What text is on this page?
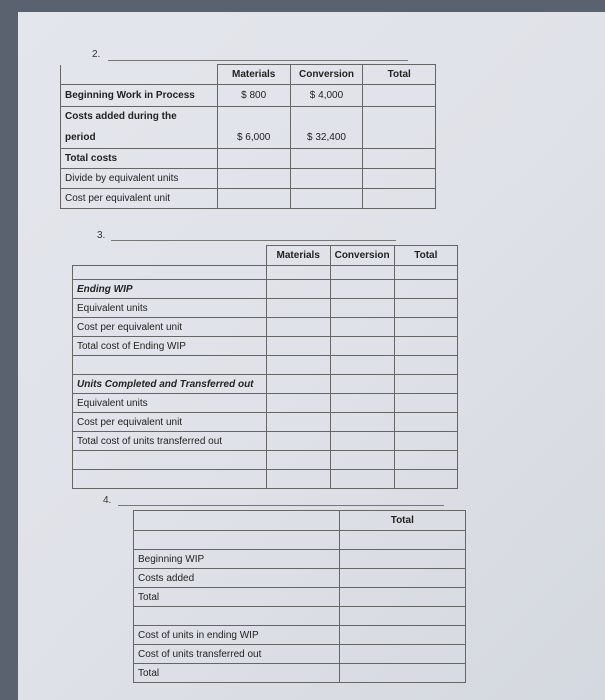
2.
	Materials	Conversion	Total
Beginning Work in Process	$ 800	$ 4,000	
Costs added during the			
period	$ 6,000	$ 32,400	
Total costs			
Divide by equivalent units			
Cost per equivalent unit			
3.
	Materials	Conversion	Total

Ending WIP			
Equivalent units			
Cost per equivalent unit			
Total cost of Ending WIP			

Units Completed and Transferred out			
Equivalent units			
Cost per equivalent unit			
Total cost of units transferred out			

4.
	Total

Beginning WIP	
Costs added	
Total	

Cost of units in ending WIP	
Cost of units transferred out	
Total	
